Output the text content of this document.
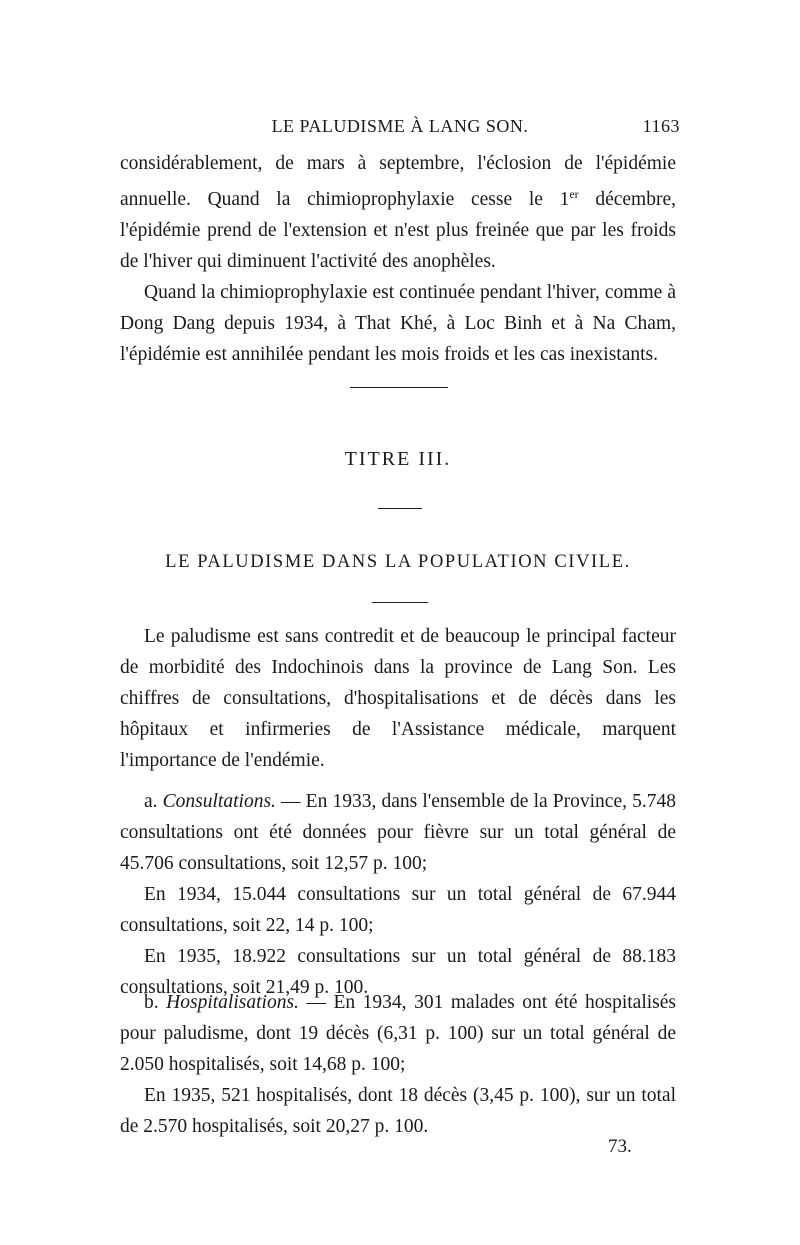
LE PALUDISME À LANG SON.	1163

considérablement, de mars à septembre, l'éclosion de l'épidémie annuelle. Quand la chimioprophylaxie cesse le 1er décembre, l'épidémie prend de l'extension et n'est plus freinée que par les froids de l'hiver qui diminuent l'activité des anophèles.

Quand la chimioprophylaxie est continuée pendant l'hiver, comme à Dong Dang depuis 1934, à That Khé, à Loc Binh et à Na Cham, l'épidémie est annihilée pendant les mois froids et les cas inexistants.

TITRE III.
LE PALUDISME DANS LA POPULATION CIVILE.

Le paludisme est sans contredit et de beaucoup le principal facteur de morbidité des Indochinois dans la province de Lang Son. Les chiffres de consultations, d'hospitalisations et de décès dans les hôpitaux et infirmeries de l'Assistance médicale, marquent l'importance de l'endémie.

a. Consultations. — En 1933, dans l'ensemble de la Province, 5.748 consultations ont été données pour fièvre sur un total général de 45.706 consultations, soit 12,57 p. 100;

En 1934, 15.044 consultations sur un total général de 67.944 consultations, soit 22, 14 p. 100;

En 1935, 18.922 consultations sur un total général de 88.183 consultations, soit 21,49 p. 100.

b. Hospitalisations. — En 1934, 301 malades ont été hospitalisés pour paludisme, dont 19 décès (6,31 p. 100) sur un total général de 2.050 hospitalisés, soit 14,68 p. 100;

En 1935, 521 hospitalisés, dont 18 décès (3,45 p. 100), sur un total de 2.570 hospitalisés, soit 20,27 p. 100.

73.
